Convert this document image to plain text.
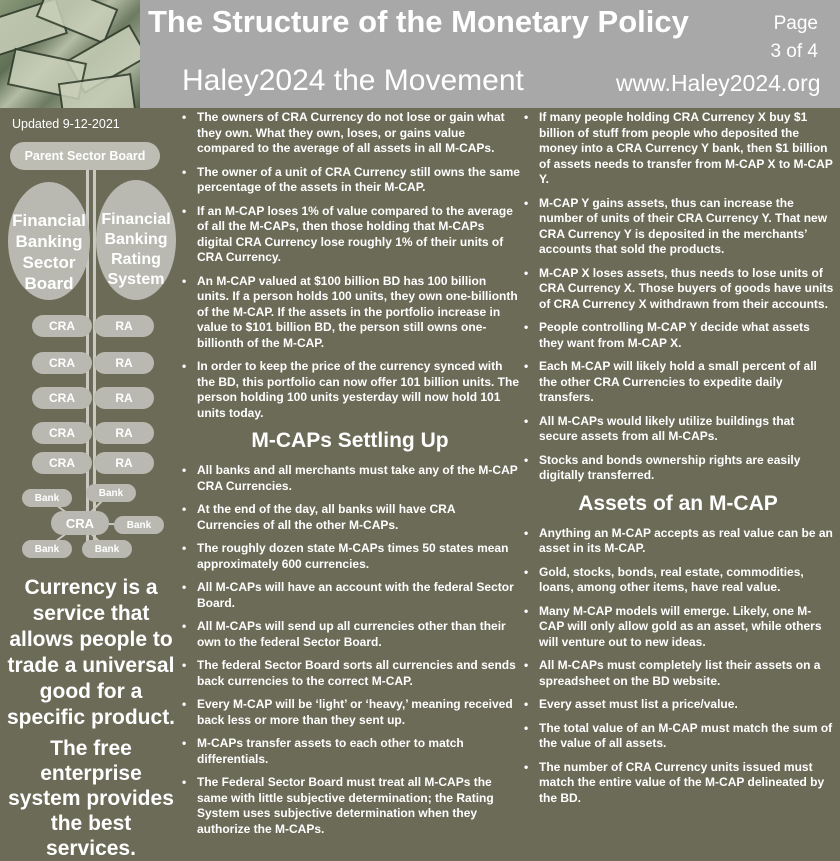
The Structure of the Monetary Policy	Page
3 of 4
Haley2024 the Movement	www.Haley2024.org
Updated 9-12-2021
Parent Sector Board
Financial
Banking
Sector
Board
Financial
Banking
Rating
System
CRA
CRA
CRA
CRA
CRA
RA
RA
RA
RA
RA
Bank	Bank
Bank
Bank	Bank
CRA
Currency is a service that allows people to trade a universal good for a specific product.
The free enterprise system provides the best services.
• The owners of CRA Currency do not lose or gain what they own. What they own, loses, or gains value compared to the average of all assets in all M-CAPs.
• The owner of a unit of CRA Currency still owns the same percentage of the assets in their M-CAP.
• If an M-CAP loses 1% of value compared to the average of all the M-CAPs, then those holding that M-CAPs digital CRA Currency lose roughly 1% of their units of CRA Currency.
• An M-CAP valued at $100 billion BD has 100 billion units. If a person holds 100 units, they own one-billionth of the M-CAP. If the assets in the portfolio increase in value to $101 billion BD, the person still owns one-billionth of the M-CAP.
• In order to keep the price of the currency synced with the BD, this portfolio can now offer 101 billion units. The person holding 100 units yesterday will now hold 101 units today.
M-CAPs Settling Up
• All banks and all merchants must take any of the M-CAP CRA Currencies.
• At the end of the day, all banks will have CRA Currencies of all the other M-CAPs.
• The roughly dozen state M-CAPs times 50 states mean approximately 600 currencies.
• All M-CAPs will have an account with the federal Sector Board.
• All M-CAPs will send up all currencies other than their own to the federal Sector Board.
• The federal Sector Board sorts all currencies and sends back currencies to the correct M-CAP.
• Every M-CAP will be ‘light’ or ‘heavy,’ meaning received back less or more than they sent up.
• M-CAPs transfer assets to each other to match differentials.
• The Federal Sector Board must treat all M-CAPs the same with little subjective determination; the Rating System uses subjective determination when they authorize the M-CAPs.
• If many people holding CRA Currency X buy $1 billion of stuff from people who deposited the money into a CRA Currency Y bank, then $1 billion of assets needs to transfer from M-CAP X to M-CAP Y.
• M-CAP Y gains assets, thus can increase the number of units of their CRA Currency Y. That new CRA Currency Y is deposited in the merchants’ accounts that sold the products.
• M-CAP X loses assets, thus needs to lose units of CRA Currency X. Those buyers of goods have units of CRA Currency X withdrawn from their accounts.
• People controlling M-CAP Y decide what assets they want from M-CAP X.
• Each M-CAP will likely hold a small percent of all the other CRA Currencies to expedite daily transfers.
• All M-CAPs would likely utilize buildings that secure assets from all M-CAPs.
• Stocks and bonds ownership rights are easily digitally transferred.
Assets of an M-CAP
• Anything an M-CAP accepts as real value can be an asset in its M-CAP.
• Gold, stocks, bonds, real estate, commodities, loans, among other items, have real value.
• Many M-CAP models will emerge. Likely, one M-CAP will only allow gold as an asset, while others will venture out to new ideas.
• All M-CAPs must completely list their assets on a spreadsheet on the BD website.
• Every asset must list a price/value.
• The total value of an M-CAP must match the sum of the value of all assets.
• The number of CRA Currency units issued must match the entire value of the M-CAP delineated by the BD.
